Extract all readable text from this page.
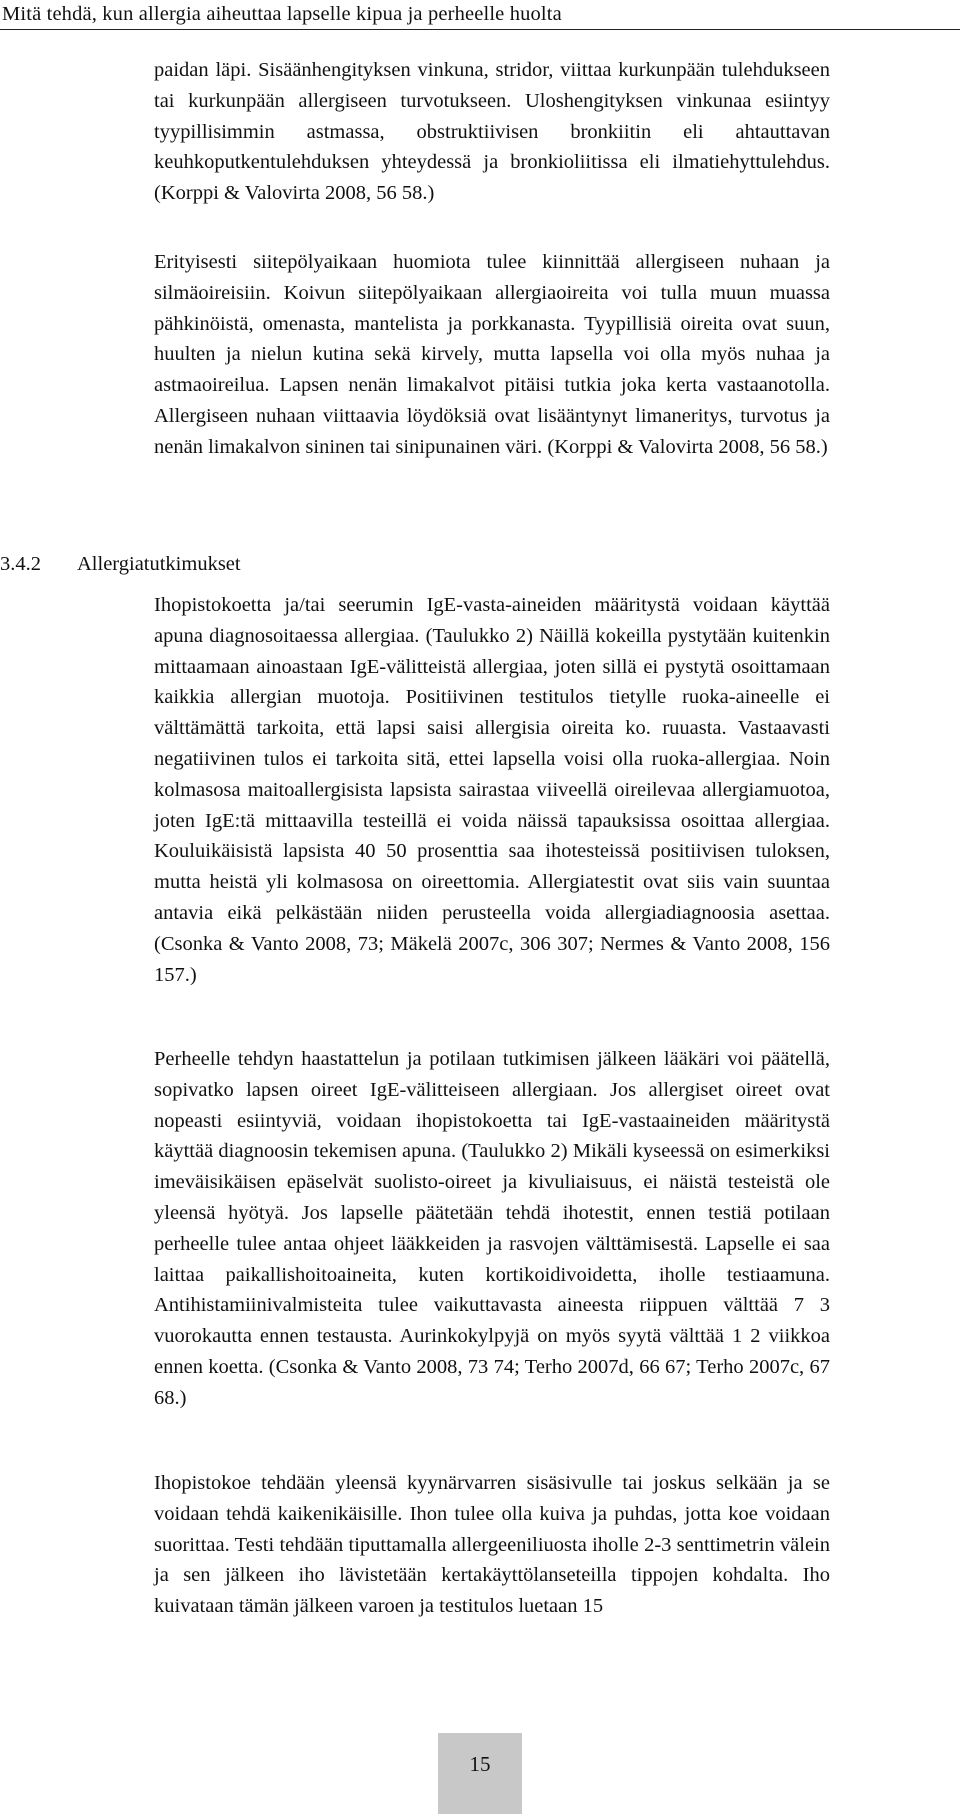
Mitä tehdä, kun allergia aiheuttaa lapselle kipua ja perheelle huolta

paidan läpi. Sisäänhengityksen vinkuna, stridor, viittaa kurkunpään tulehdukseen tai kurkunpään allergiseen turvotukseen. Uloshengityksen vinkunaa esiintyy tyypillisimmin astmassa, obstruktiivisen bronkiitin eli ahtauttavan keuhkoputkentulehduksen yhteydessä ja bronkioliitissa eli ilmatiehyttulehdus. (Korppi & Valovirta 2008, 56 58.)

Erityisesti siitepölyaikaan huomiota tulee kiinnittää allergiseen nuhaan ja silmäoireisiin. Koivun siitepölyaikaan allergiaoireita voi tulla muun muassa pähkinöistä, omenasta, mantelista ja porkkanasta. Tyypillisiä oireita ovat suun, huulten ja nielun kutina sekä kirvely, mutta lapsella voi olla myös nuhaa ja astmaoireilua. Lapsen nenän limakalvot pitäisi tutkia joka kerta vastaanotolla. Allergiseen nuhaan viittaavia löydöksiä ovat lisääntynyt limaneritys, turvotus ja nenän limakalvon sininen tai sinipunainen väri. (Korppi & Valovirta 2008, 56 58.)

3.4.2 Allergiatutkimukset

Ihopistokoetta ja/tai seerumin IgE-vasta-aineiden määritystä voidaan käyttää apuna diagnosoitaessa allergiaa. (Taulukko 2) Näillä kokeilla pystytään kuitenkin mittaamaan ainoastaan IgE-välitteistä allergiaa, joten sillä ei pystytä osoittamaan kaikkia allergian muotoja. Positiivinen testitulos tietylle ruoka-aineelle ei välttämättä tarkoita, että lapsi saisi allergisia oireita ko. ruuasta. Vastaavasti negatiivinen tulos ei tarkoita sitä, ettei lapsella voisi olla ruoka-allergiaa. Noin kolmasosa maitoallergisista lapsista sairastaa viiveellä oireilevaa allergiamuotoa, joten IgE:tä mittaavilla testeillä ei voida näissä tapauksissa osoittaa allergiaa. Kouluikäisistä lapsista 40 50 prosenttia saa ihotesteissä positiivisen tuloksen, mutta heistä yli kolmasosa on oireettomia. Allergiatestit ovat siis vain suuntaa antavia eikä pelkästään niiden perusteella voida allergiadiagnoosia asettaa. (Csonka & Vanto 2008, 73; Mäkelä 2007c, 306 307; Nermes & Vanto 2008, 156 157.)

Perheelle tehdyn haastattelun ja potilaan tutkimisen jälkeen lääkäri voi päätellä, sopivatko lapsen oireet IgE-välitteiseen allergiaan. Jos allergiset oireet ovat nopeasti esiintyviä, voidaan ihopistokoetta tai IgE-vastaaineiden määritystä käyttää diagnoosin tekemisen apuna. (Taulukko 2) Mikäli kyseessä on esimerkiksi imeväisikäisen epäselvät suolisto-oireet ja kivuliaisuus, ei näistä testeistä ole yleensä hyötyä. Jos lapselle päätetään tehdä ihotestit, ennen testiä potilaan perheelle tulee antaa ohjeet lääkkeiden ja rasvojen välttämisestä. Lapselle ei saa laittaa paikallishoitoaineita, kuten kortikoidivoidetta, iholle testiaamuna. Antihistamiinivalmisteita tulee vaikuttavasta aineesta riippuen välttää 7 3 vuorokautta ennen testausta. Aurinkokylpyjä on myös syytä välttää 1 2 viikkoa ennen koetta. (Csonka & Vanto 2008, 73 74; Terho 2007d, 66 67; Terho 2007c, 67 68.)

Ihopistokoe tehdään yleensä kyynärvarren sisäsivulle tai joskus selkään ja se voidaan tehdä kaikenikäisille. Ihon tulee olla kuiva ja puhdas, jotta koe voidaan suorittaa. Testi tehdään tiputtamalla allergeeniliuosta iholle 2-3 senttimetrin välein ja sen jälkeen iho lävistetään kertakäyttölanseteilla tippojen kohdalta. Iho kuivataan tämän jälkeen varoen ja testitulos luetaan 15

15
